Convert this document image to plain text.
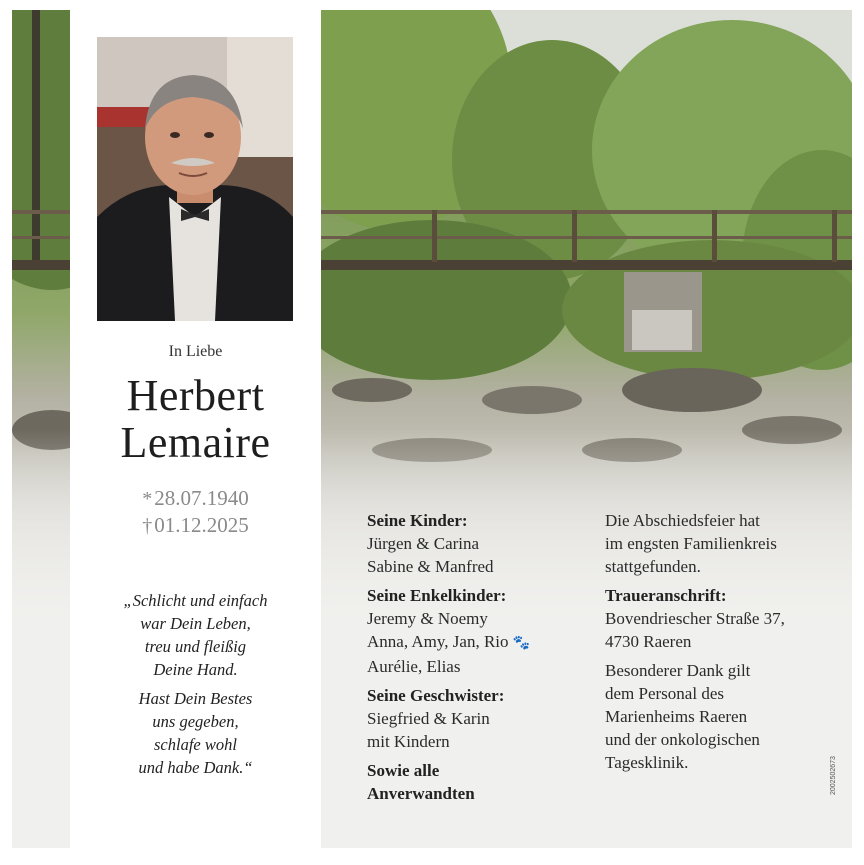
In Liebe
Herbert
Lemaire
*28.07.1940
†01.12.2025
„Schlicht und einfach
war Dein Leben,
treu und fleißig
Deine Hand.
Hast Dein Bestes
uns gegeben,
schlafe wohl
und habe Dank.“
Seine Kinder:
Jürgen & Carina
Sabine & Manfred
Seine Enkelkinder:
Jeremy & Noemy
Anna, Amy, Jan, Rio 🐾
Aurélie, Elias
Seine Geschwister:
Siegfried & Karin
mit Kindern
Sowie alle
Anverwandten
Die Abschiedsfeier hat
im engsten Familienkreis
stattgefunden.
Traueranschrift:
Bovendriescher Straße 37,
4730 Raeren
Besonderer Dank gilt
dem Personal des
Marienheims Raeren
und der onkologischen
Tagesklinik.	2002502673
